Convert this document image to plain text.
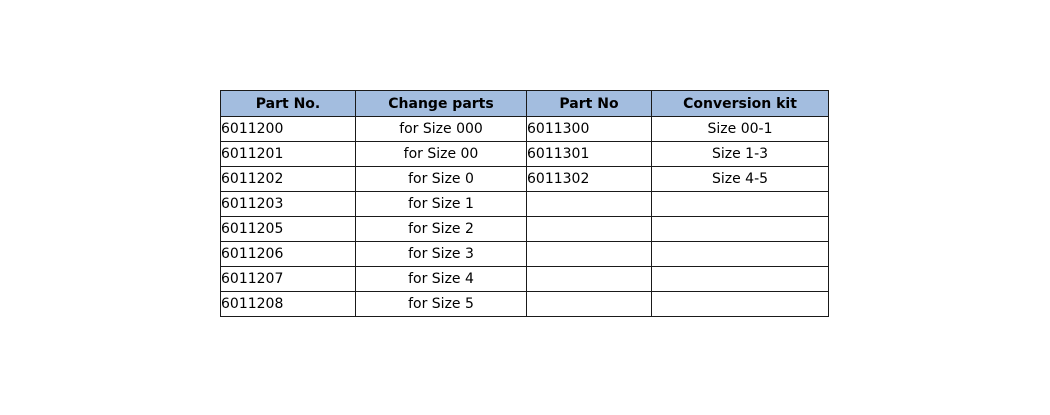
Part No.	Change parts	Part No	Conversion kit
6011200	for Size 000	6011300	Size 00-1
6011201	for Size 00	6011301	Size 1-3
6011202	for Size 0	6011302	Size 4-5
6011203	for Size 1		
6011205	for Size 2		
6011206	for Size 3		
6011207	for Size 4		
6011208	for Size 5		
